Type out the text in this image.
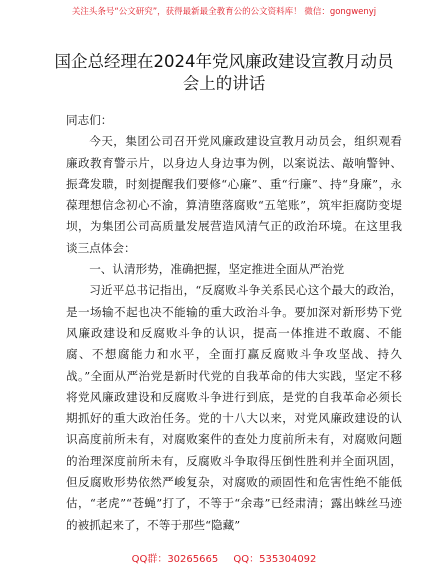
关注头条号“公文研究”，获得最新最全教育公的公文资料库！ 微信：gongwenyj
国企总经理在2024年党风廉政建设宣教月动员
会上的讲话

同志们：

今天，集团公司召开党风廉政建设宣教月动员会，组织观看廉政教育警示片，以身边人身边事为例，以案说法、敲响警钟、振聋发聩，时刻提醒我们要修“心廉”、重“行廉”、持“身廉”，永葆理想信念初心不渝，算清堕落腐败“五笔账”，筑牢拒腐防变堤坝，为集团公司高质量发展营造风清气正的政治环境。在这里我谈三点体会：

一、认清形势，准确把握，坚定推进全面从严治党

习近平总书记指出，“反腐败斗争关系民心这个最大的政治，是一场输不起也决不能输的重大政治斗争。要加深对新形势下党风廉政建设和反腐败斗争的认识，提高一体推进不敢腐、不能腐、不想腐能力和水平，全面打赢反腐败斗争攻坚战、持久战。”全面从严治党是新时代党的自我革命的伟大实践，坚定不移将党风廉政建设和反腐败斗争进行到底，是党的自我革命必须长期抓好的重大政治任务。党的十八大以来，对党风廉政建设的认识高度前所未有，对腐败案件的查处力度前所未有，对腐败问题的治理深度前所未有，反腐败斗争取得压倒性胜利并全面巩固，但反腐败形势依然严峻复杂，对腐败的顽固性和危害性绝不能低估，“老虎”“苍蝇”打了，不等于“余毒”已经肃清；露出蛛丝马迹的被抓起来了，不等于那些“隐藏”

QQ群：30265665 QQ：535304092
